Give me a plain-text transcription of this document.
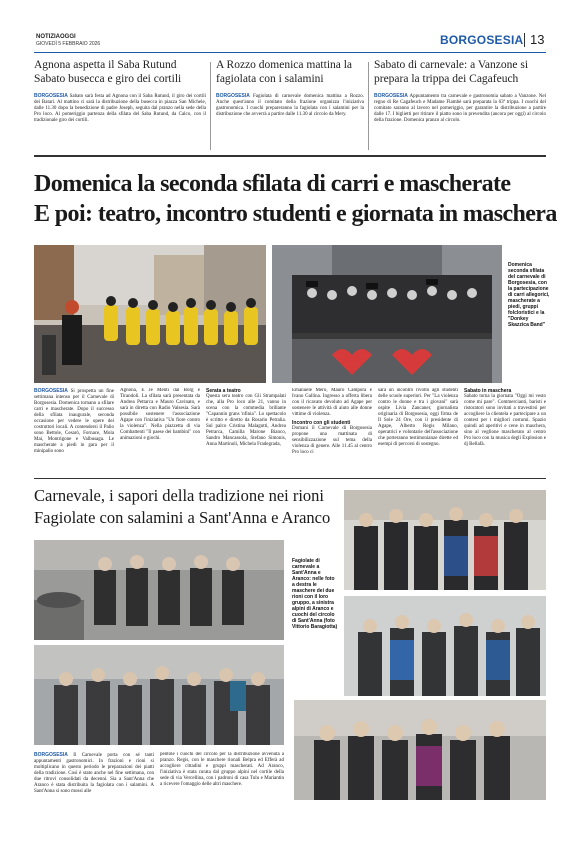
NOTIZIAOGGI
GIOVEDÌ 5 FEBBRAIO 2026	BORGOSESIA 13
Agnona aspetta il Saba Rutund Sabato busecca e giro dei cortili
BORGOSESIA Sabato sarà festa ad Agnona con il Saba Rutund, il giro dei cortili dei Batari. Al mattino ci sarà la distribuzione della busecca in piazza San Michele, dalle 11.30 dopo la benedizione di padre Joseph, seguita dal pranzo nella sede della Pro loco. Al pomeriggio partenza della sfilata del Saba Rutund, da Calco, con il tradizionale giro dei cortili.
A Rozzo domenica mattina la fagiolata con i salamini
BORGOSESIA Fagiolata di carnevale domenica mattina a Rozzo. Anche quest'anno il comitato della frazione organizza l'iniziativa gastronomica. I cuochi prepareranno la fagiolata con i salamini per la distribuzione che avverrà a partire dalle 11.30 al circolo da Mery.
Sabato di carnevale: a Vanzone si prepara la trippa dei Cagafeuch
BORGOSESIA Appuntamento tra carnevale e gastronomia sabato a Vanzone. Nel regno di Re Cagafeuch e Madame Flambè sarà preparata la 63ª trippa. I cuochi del comitato saranno al lavoro nel pomeriggio, per garantire la distribuzione a partire dalle 17. I biglietti per ritirare il piatto sono in prevendita (ancora per oggi) al circolo della frazione. Domenica pranzo al circolo.
Domenica la seconda sfilata di carri e mascherate
E poi: teatro, incontro studenti e giornata in maschera
Domenica seconda sfilata del carnevale di Borgosesia, con la partecipazione di carri allegorici, mascherate a piedi, gruppi folcloristici e la "Donkey Skazzica Band"
BORGOSESIA Si prospetta un fine settimana intenso per il Carnevale di Borgosesia. Domenica tornano a sfilare carri e mascherate. Dopo il successo della sfilata inaugurale, seconda occasione per vedere le opere dei costruttori locali. A contendersi il Palio sono Bettole, Cesarò, Fornace, Mola Mai, Montrigone e Valbusaga. Le mascherate a piedi in gara per il minipalio sono
Agnona, E Je Menti dal Borg e Tirandoli. La sfilata sarà presentata da Andrea Pettarca e Mauro Cavinato, e sarà in diretta con Radio Valsesia. Sarà possibile sostenere l'associazione Agape con l'iniziativa "Un fiore contro la violenza". Nella piazzetta di via Combattenti "Il paese dei bambini" con animazioni e giochi.
Serata a teatro
Questa sera teatro con Gli Strampalati che, alla Pro loco alle 21, vanno in scena con la commedia brillante "Capannin grans 'nfinia". Lo spettacolo è scritto e diretto da Rosario Petralia. Sul palco Cristina Malagutti, Andrea Petrarca, Camilla Marone Bianco, Sandro Mancassola, Stefano Simonis, Anna Martinoli, Michela Fradegrada,
Emanuele Mero, Mauro Campora e Ivano Gallina. Ingresso a offerta libera con il ricavato devoluto ad Agape per sostenere le attività di aiuto alle donne vittime di violenza.
Incontro con gli studenti
Domani il Carnevale di Borgosesia propone una mattinata di sensibilizzazione sul tema della violenza di genere. Alle 11.45 al centro Pro loco ci
sarà un incontro rivolto agli studenti delle scuole superiori. Per "La violenza contro le donne e tra i giovani" sarà ospite Livia Zancaner, giornalista originaria di Borgosesia, oggi firma de Il Sole 24 Ore, con il presidente di Agape, Alberto Regis Milano, operatrici e volontarie dell'associazione che porteranno testimonianze dirette ed esempi di percorsi di sostegno.
Sabato in maschera
Sabato torna la giornata "Oggi mi vesto come mi pare". Commercianti, baristi e ristoratori sono invitati a travestirsi per accogliere la clientela e partecipare a un contest per i migliori costumi. Spazio quindi ad aperitivi e cene in maschera, sino al veglione mascherato al centro Pro loco con la musica degli Explosion e dj Bellafà.
Carnevale, i sapori della tradizione nei rioni
Fagiolate con salamini a Sant'Anna e Aranco
Fagiolate di carnevale a Sant'Anna e Aranco: nelle foto a destra le maschere dei due rioni con il loro gruppo, a sinistra alpini di Aranco e cuochi del circolo di Sant'Anna (foto Vittorio Baragiotta)
BORGOSESIA Il Carnevale porta con sé tanti appuntamenti gastronomici. In frazioni e rioni si moltiplicano in questo periodo le preparazioni dei piatti della tradizione. Così è stato anche nel fine settimana, con due ritrovi consolidati da decenni. Sia a Sant'Anna che Aranco è stata distribuita la fagiolata con i salamini. A Sant'Anna si sono mossi alle
pentole i cuochi del circolo per la distribuzione avvenuta a pranzo. Regis, con le maschere rionali Belpra ed Efferà ad accogliere cittadini e gruppi mascherati. Ad Aranco, l'iniziativa è stata curata dal gruppo alpini nel cortile della sede di via Vercellina, con i padroni di casa Tulu e Mariantin a ricevere l'omaggio delle altri maschere.
